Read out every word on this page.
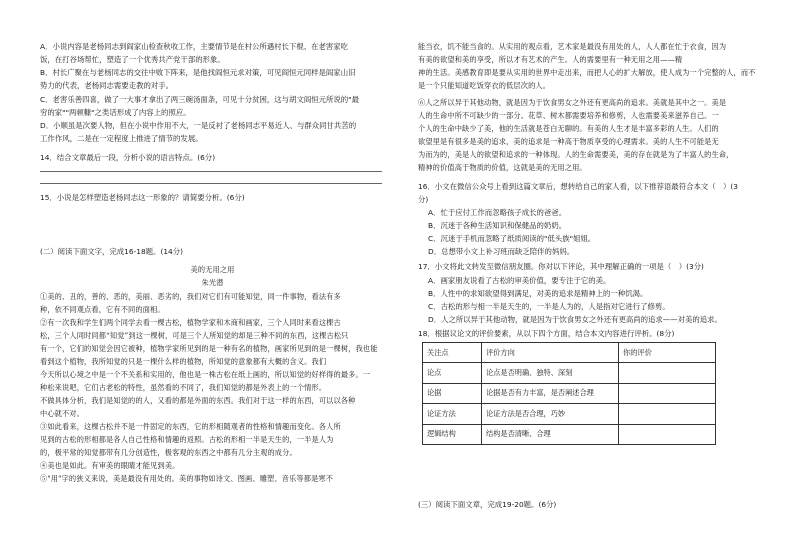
A．小说内容是老杨同志到阎家山检查秋收工作，主要情节是在村公所遇村长下棍、在老害家吃
饭，在打谷场帮忙，塑造了一个优秀共产党干部的形象。
B．村长广聚在与老杨同志的交往中败下阵来，是他找阎恒元求对策，可见阎恒元同样是阎家山旧
势力的代表，老杨同志需要走教的对手。
C．老害乐善四喜，做了一大事才拿出了两三碗汤面条，可见十分贫困，这与胡文阎恒元所说的"最
穷的家""两顿糠"之类话形成了内容上的照应。
D．小顺虽是次要人物，但在小说中作用不大，一是反衬了老杨同志平易近人、与群众同甘共苦的
工作作风，二是在一定程度上推进了情节的发展。
14．结合文章最后一段，分析小说的语言特点。(6分)
15．小说是怎样塑造老杨同志这一形象的？请简要分析。(6分)
(二）阅读下面文字，完成16-18题。(14分)
美的无用之用
朱光潜
①美的、丑的，善的、恶的，美丽、恶劣的，我们对它们有可能知觉，同一件事物，看法有多
种，依不同观点看，它有不同的面相。
②有一次我和学生们两个同学去看一棵古松，植物学家和木商和画家，三个人同时来看这棵古
松，三个人同时同都“知觉”到这一棵树，可是三个人所知觉的却是三种不同的东西，这棵古松只
有一个，它们的知觉会因它被种，植物学家所见到的是一种有名的植物，画家所见到的是一棵树，我也能
看到这个植物，我所知觉的只是一棵什么样的植物，所知觉的意象都有大概的含义。我们
今天所以心境之中是一个不关系和实用的，他也是一株古松在纸上画的，所以知觉的好样得的最多。一
种松来说吧，它们古老松的特性，虽然看的不同了，我们知觉的都是外表上的一个情形。
不做具体分析，我们是知觉的的人，又看的都是外面的东西。我们对于这一样的东西，可以以各种
中心就不对。
③如此看来，这棵古松并不是一件固定的东西，它的形相随观者的性格和情趣而变化。各人所
见到的古松的形相都是各人自己性格和情趣的返照。古松的形相一半是天生的，一半是人为
的，极平常的知觉都带有几分创造性，极客观的东西之中都有几分主观的成分。
④美也是如此。有审美的眼睛才能见到美。
⑤"用"字的狭义来说，美是最没有用处的。美的事物如诗文、图画、雕塑、音乐等都是寒不
能当衣，饥不能当食的。从实用的观点看，艺术家是最没有用处的人，人人都在忙于衣食，因为
有美的欲望和美的享受，所以才有艺术的产生。人的需要里有一种无用之用——精
神的生活。美感教育即是要从实用的世界中走出来，而把人心的扩大解放，使人成为一个完整的人，而不
是一个只能知道吃饭穿衣的低层次的人。
⑥人之所以异于其他动物，就是因为于饮食男女之外还有更高尚的追求。美就是其中之一。美是
人的生命中所不可缺少的一部分。花草、树木都需要培养和修剪，人也需要美来滋养自己。一
个人的生命中缺少了美，他的生活就是苍白无聊的。有美的人生才是丰富多彩的人生。人们的
欲望里是有很多是美的追求，美的追求是一种高于物质享受的心理需求。美的人生不可能是无
为而为的，美是人的欲望和追求的一种体现。人的生命需要美，美的存在就是为了丰富人的生命，
精神的价值高于物质的价值，这就是美的无用之用。
16．小文在微信公众号上看到这篇文章后，想转给自己的家人看，以下推荐语最符合本文（　）(3
分)
A．忙于应付工作而忽略孩子成长的爸爸。
B．沉迷于各种生活知识和保健品的奶奶。
C．沉迷于手机而忽略了纸质阅读的"低头族"姐姐。
D．总想带小文上补习班而缺乏陪伴的妈妈。
17．小文将此文转发至微信朋友圈。你对以下评论，其中理解正确的一项是（　）(3分)
A．画家朋友说看了古松的审美价值，要专注于它的美。
B．人性中的求知欲望得到满足，对美的追求是精神上的一种饥渴。
C．古松的形与相一半是天生的，一半是人为的，人是指对它进行了修剪。
D．人之所以异于其他动物，就是因为于饮食男女之外还有更高尚的追求——对美的追求。
18．根据议论文的评价要素，从以下四个方面，结合本文内容进行评析。(8分)
关注点	评价方向	你的评价
论点	论点是否明确、独特、深刻	
论据	论据是否有力丰富，是否阐述合理	
论证方法	论证方法是否合理，巧妙	
逻辑结构	结构是否清晰、合理	
(三）阅读下面文章，完成19-20题。(6分)
